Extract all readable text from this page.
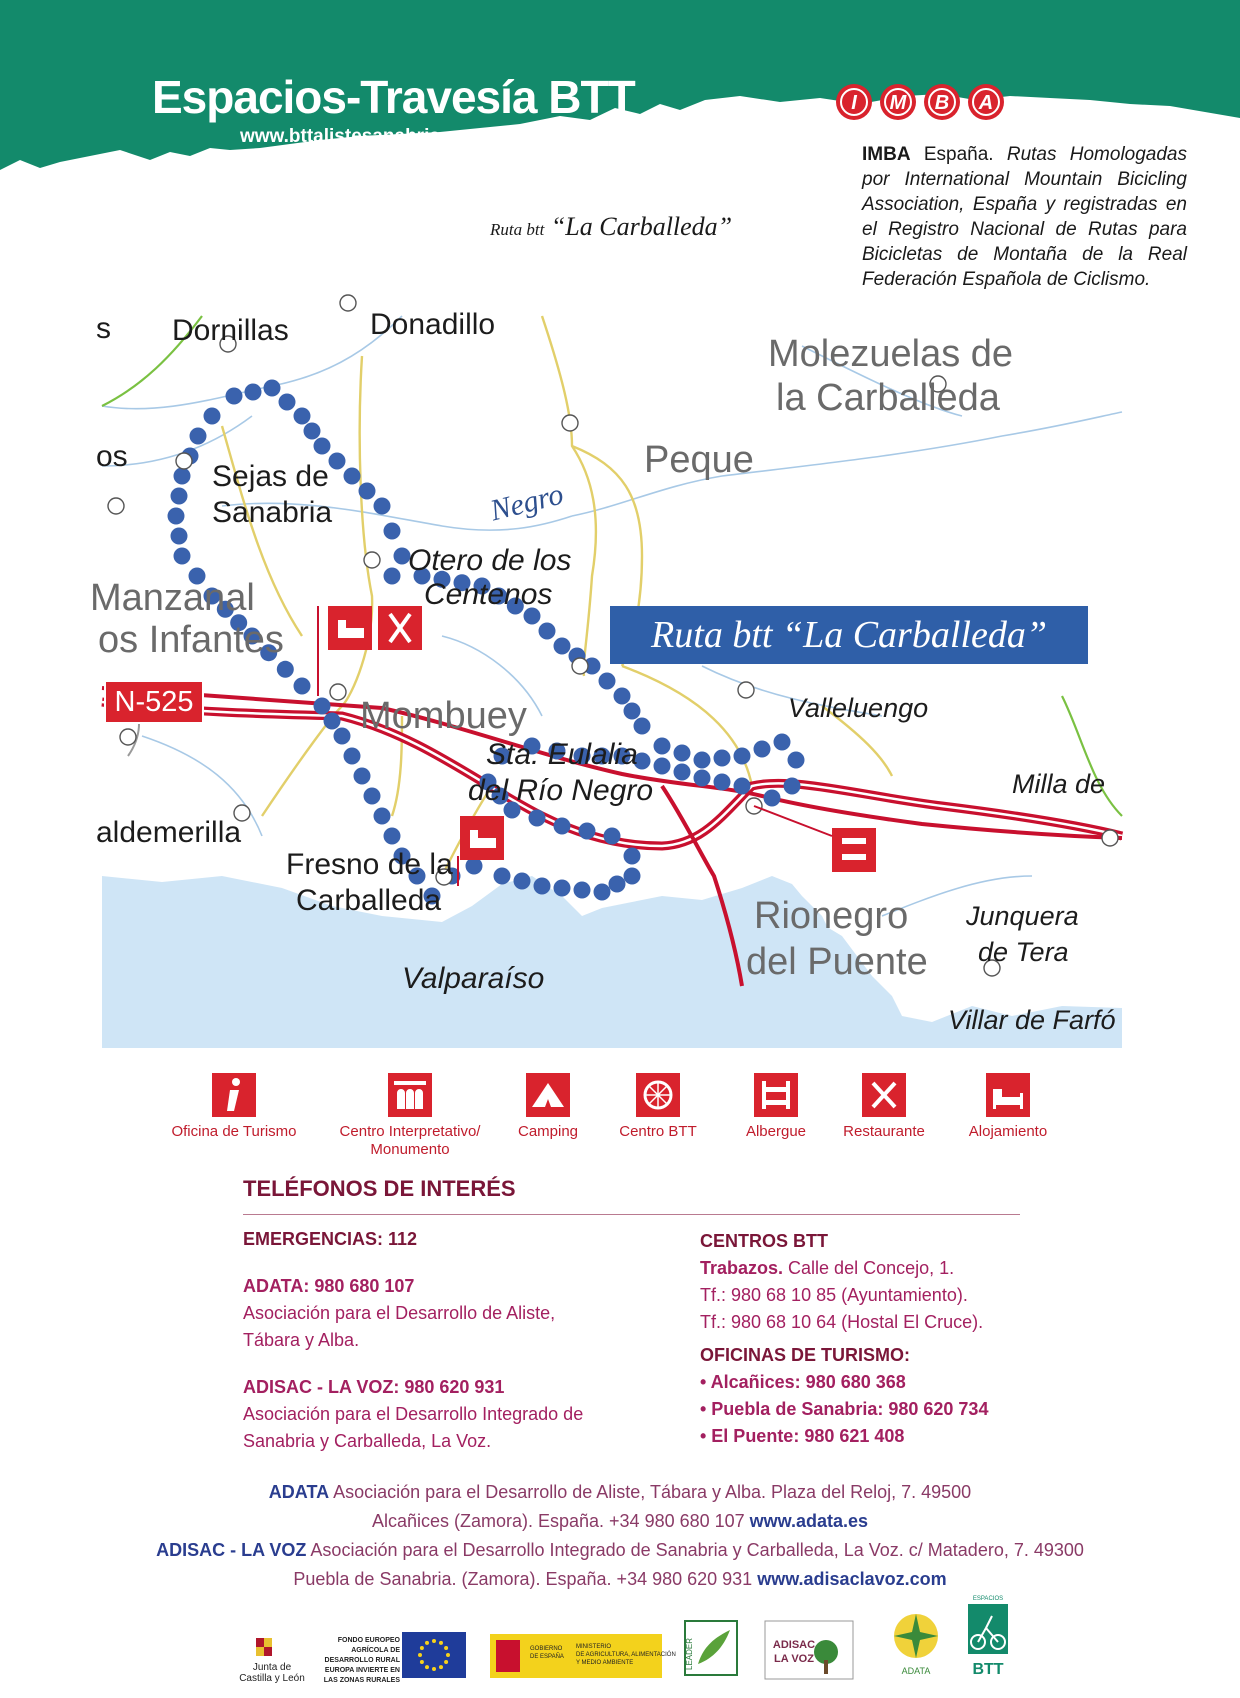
Espacios-Travesía BTT
www.bttalistesanabria.es
I M B A
IMBA España. Rutas Homologadas por International Mountain Bicicling Association, España y registradas en el Registro Nacional de Rutas para Bicicletas de Montaña de la Real Federación Española de Ciclismo.
Ruta btt “La Carballeda”
s Dornillas	Donadillo
Molezuelas de
la Carballeda
os	Peque
Sejas de
Sanabria
Otero de los
Centenos
Manzanal
os Infantes
Mombuey	Valleluengo
Sta. Eulalia
del Río Negro	Milla de
aldemerilla
Fresno de la
Carballeda	Rionegro
del Puente
Junquera
de Tera
Valparaíso
Villar de Farfó
Negro
N-525
Ruta btt “La Carballeda”
Oficina de Turismo	Centro Interpretativo/
Monumento
Camping	Centro BTT	Albergue	Restaurante	Alojamiento
TELÉFONOS DE INTERÉS
EMERGENCIAS: 112
ADATA: 980 680 107
Asociación para el Desarrollo de Aliste,
Tábara y Alba.
ADISAC - LA VOZ: 980 620 931
Asociación para el Desarrollo Integrado de
Sanabria y Carballeda, La Voz.
CENTROS BTT
Trabazos. Calle del Concejo, 1.
Tf.: 980 68 10 85 (Ayuntamiento).
Tf.: 980 68 10 64 (Hostal El Cruce).
OFICINAS DE TURISMO:
• Alcañices: 980 680 368
• Puebla de Sanabria: 980 620 734
• El Puente: 980 621 408
ADATA Asociación para el Desarrollo de Aliste, Tábara y Alba. Plaza del Reloj, 7. 49500
Alcañices (Zamora). España. +34 980 680 107 www.adata.es
ADISAC - LA VOZ Asociación para el Desarrollo Integrado de Sanabria y Carballeda, La Voz. c/ Matadero, 7. 49300
Puebla de Sanabria. (Zamora). España. +34 980 620 931 www.adisaclavoz.com
Junta de
Castilla y León
FONDO EUROPEO
AGRÍCOLA DE
DESARROLLO RURAL
EUROPA INVIERTE EN
LAS ZONAS RURALES
GOBIERNO
DE ESPAÑA
MINISTERIO
DE AGRICULTURA, ALIMENTACIÓN
Y MEDIO AMBIENTE	LEADER	ADISAC
LA VOZ
ADATA
ESPACIOS
BTT
